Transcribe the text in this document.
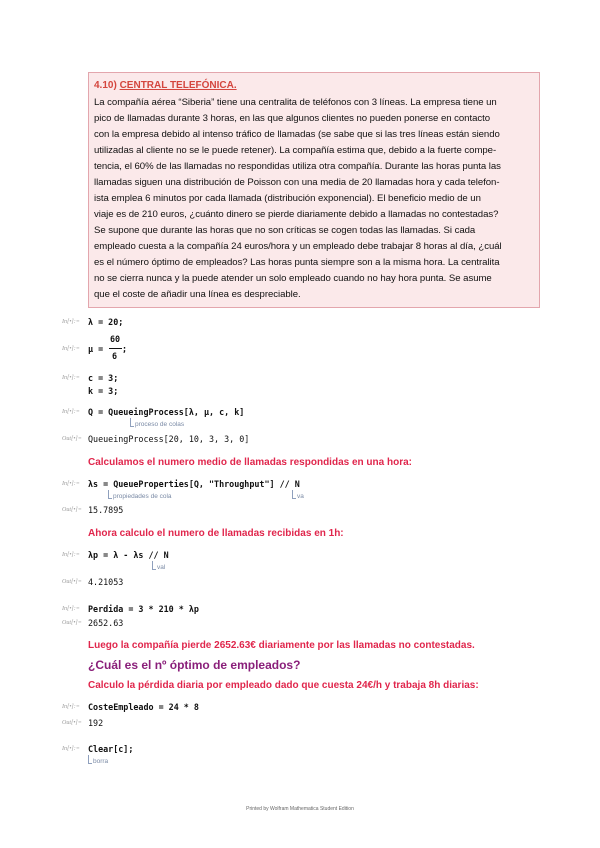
4.10) CENTRAL TELEFÓNICA.
La compañía aérea “Siberia” tiene una centralita de teléfonos con 3 líneas. La empresa tiene un
pico de llamadas durante 3 horas, en las que algunos clientes no pueden ponerse en contacto
con la empresa debido al intenso tráfico de llamadas (se sabe que si las tres líneas están siendo
utilizadas al cliente no se le puede retener). La compañía estima que, debido a la fuerte compe-
tencia, el 60% de las llamadas no respondidas utiliza otra compañía. Durante las horas punta las
llamadas siguen una distribución de Poisson con una media de 20 llamadas hora y cada telefon-
ista emplea 6 minutos por cada llamada (distribución exponencial). El beneficio medio de un
viaje es de 210 euros, ¿cuánto dinero se pierde diariamente debido a llamadas no contestadas?
Se supone que durante las horas que no son críticas se cogen todas las llamadas. Si cada
empleado cuesta a la compañía 24 euros/hora y un empleado debe trabajar 8 horas al día, ¿cuál
es el número óptimo de empleados? Las horas punta siempre son a la misma hora. La centralita
no se cierra nunca y la puede atender un solo empleado cuando no hay hora punta. Se asume
que el coste de añadir una línea es despreciable.
In[•]:= λ = 20;
In[•]:= μ =
60
6
;
In[•]:= c = 3;
k = 3;
In[•]:= Q = QueueingProcess[λ, μ, c, k]
proceso de colas
Out[•]= QueueingProcess[20, 10, 3, 3, 0]
Calculamos el numero medio de llamadas respondidas en una hora:
In[•]:= λs = QueueProperties[Q, "Throughput"] // N
propiedades de cola	va
Out[•]= 15.7895
Ahora calculo el numero de llamadas recibidas en 1h:
In[•]:= λp = λ - λs // N
val
Out[•]= 4.21053
In[•]:= Perdida = 3 * 210 * λp
Out[•]= 2652.63
Luego la compañía pierde 2652.63€ diariamente por las llamadas no contestadas.
¿Cuál es el nº óptimo de empleados?
Calculo la pérdida diaria por empleado dado que cuesta 24€/h y trabaja 8h diarias:
In[•]:= CosteEmpleado = 24 * 8
Out[•]= 192
In[•]:= Clear[c];
borra
Printed by Wolfram Mathematica Student Edition
